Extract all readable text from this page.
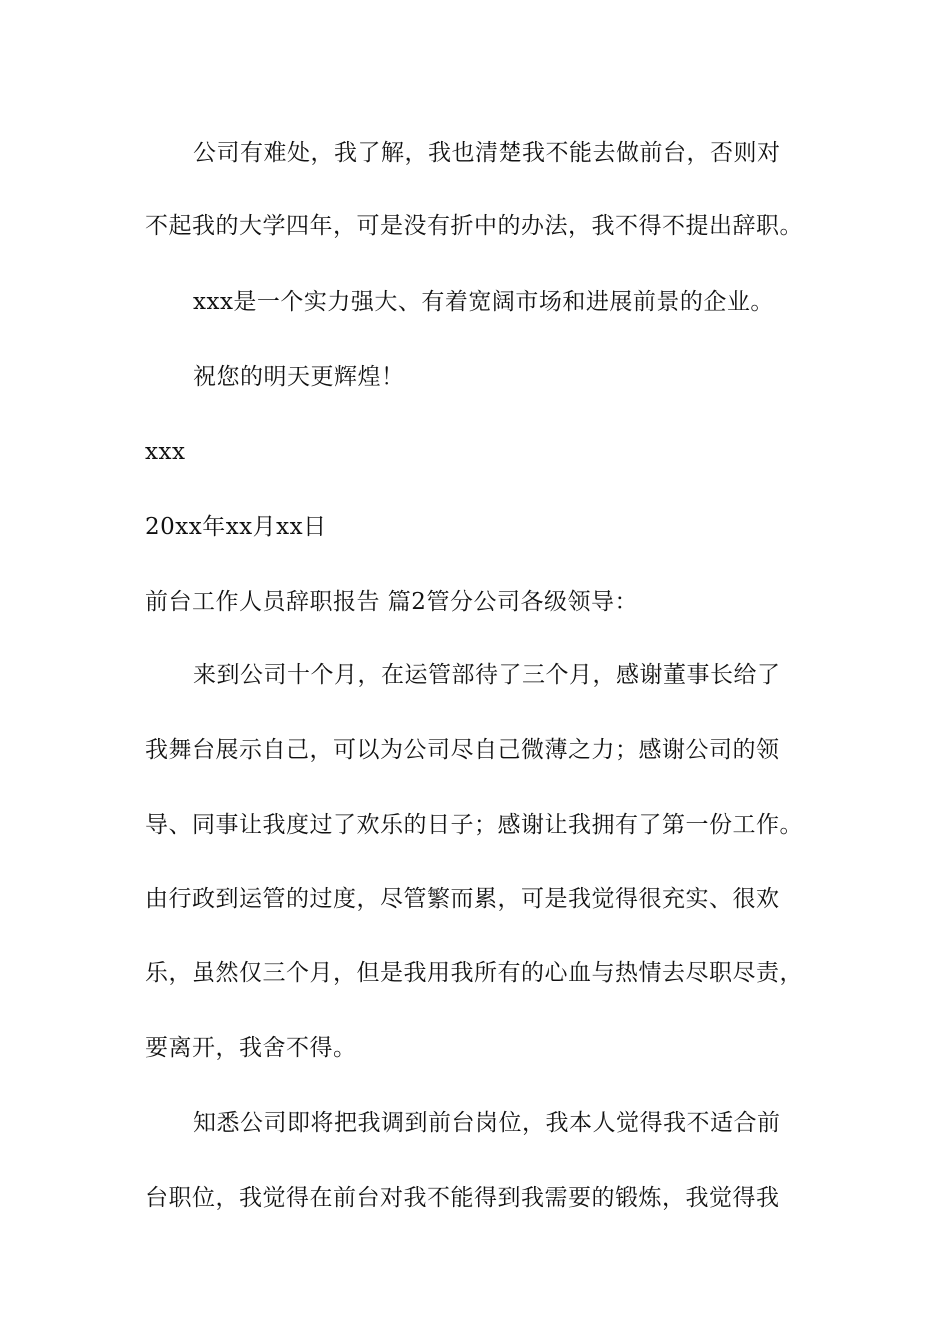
公司有难处，我了解，我也清楚我不能去做前台，否则对
不起我的大学四年，可是没有折中的办法，我不得不提出辞职。
xxx是一个实力强大、有着宽阔市场和进展前景的企业。
祝您的明天更辉煌！
xxx
20xx年xx月xx日
前台工作人员辞职报告 篇2管分公司各级领导：
来到公司十个月，在运管部待了三个月，感谢董事长给了
我舞台展示自己，可以为公司尽自己微薄之力；感谢公司的领
导、同事让我度过了欢乐的日子；感谢让我拥有了第一份工作。
由行政到运管的过度，尽管繁而累，可是我觉得很充实、很欢
乐，虽然仅三个月，但是我用我所有的心血与热情去尽职尽责，
要离开，我舍不得。
知悉公司即将把我调到前台岗位，我本人觉得我不适合前
台职位，我觉得在前台对我不能得到我需要的锻炼，我觉得我
